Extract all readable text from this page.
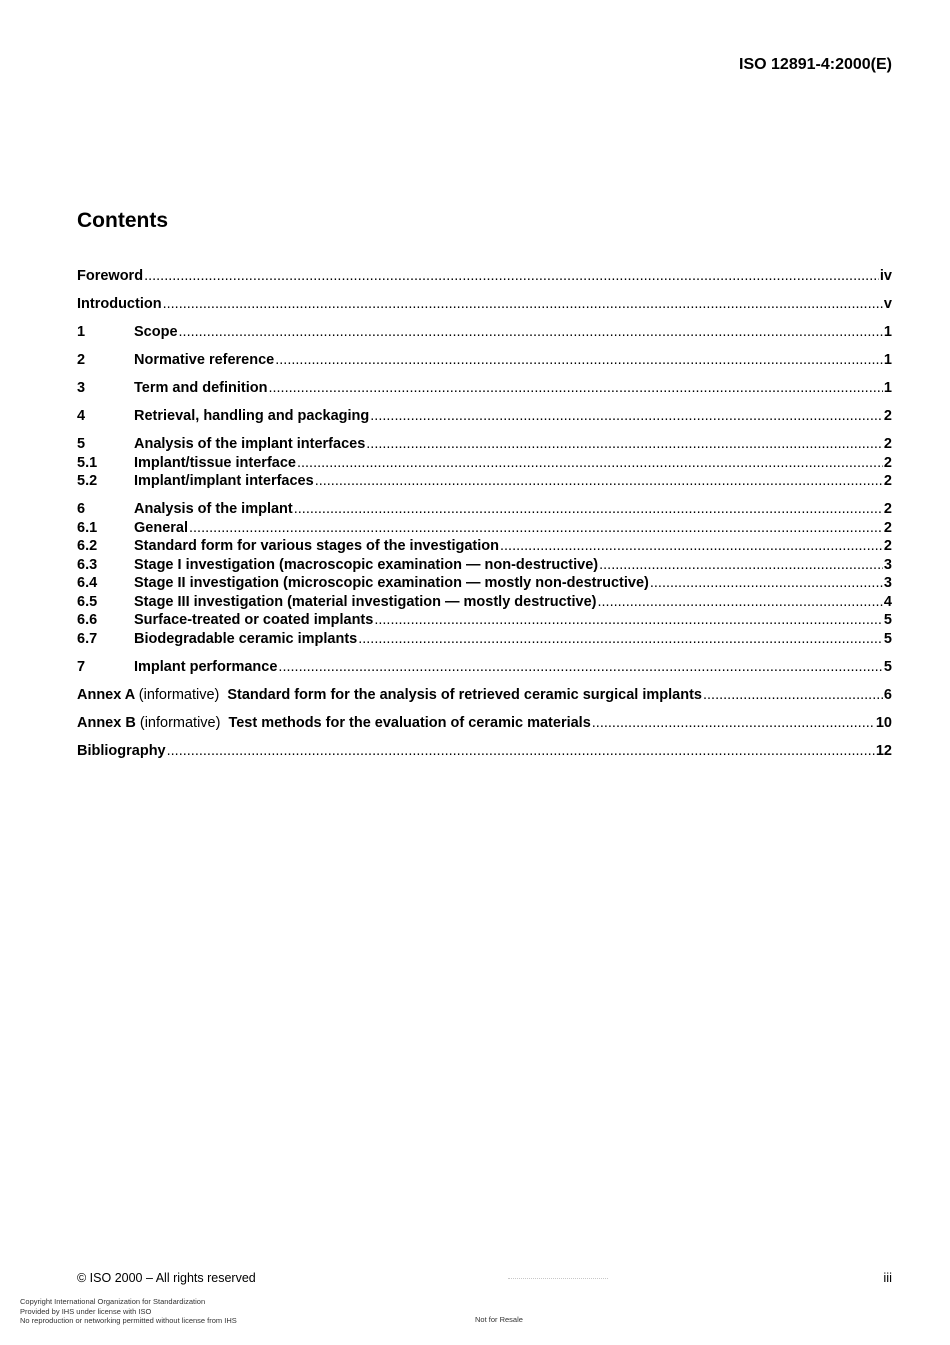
ISO 12891-4:2000(E)
Contents
Foreword .....	iv
Introduction .....	v
1	Scope .....	1
2	Normative reference .....	1
3	Term and definition .....	1
4	Retrieval, handling and packaging .....	2
5	Analysis of the implant interfaces .....	2
5.1	Implant/tissue interface .....	2
5.2	Implant/implant interfaces .....	2
6	Analysis of the implant .....	2
6.1	General .....	2
6.2	Standard form for various stages of the investigation .....	2
6.3	Stage I investigation (macroscopic examination — non-destructive) .....	3
6.4	Stage II investigation (microscopic examination — mostly non-destructive) .....	3
6.5	Stage III investigation (material investigation — mostly destructive) .....	4
6.6	Surface-treated or coated implants .....	5
6.7	Biodegradable ceramic implants .....	5
7	Implant performance .....	5
Annex A (informative) Standard form for the analysis of retrieved ceramic surgical implants .....	6
Annex B (informative) Test methods for the evaluation of ceramic materials .....	10
Bibliography .....	12
© ISO 2000 – All rights reserved	iii
Copyright International Organization for Standardization
Provided by IHS under license with ISO
No reproduction or networking permitted without license from IHS	Not for Resale
